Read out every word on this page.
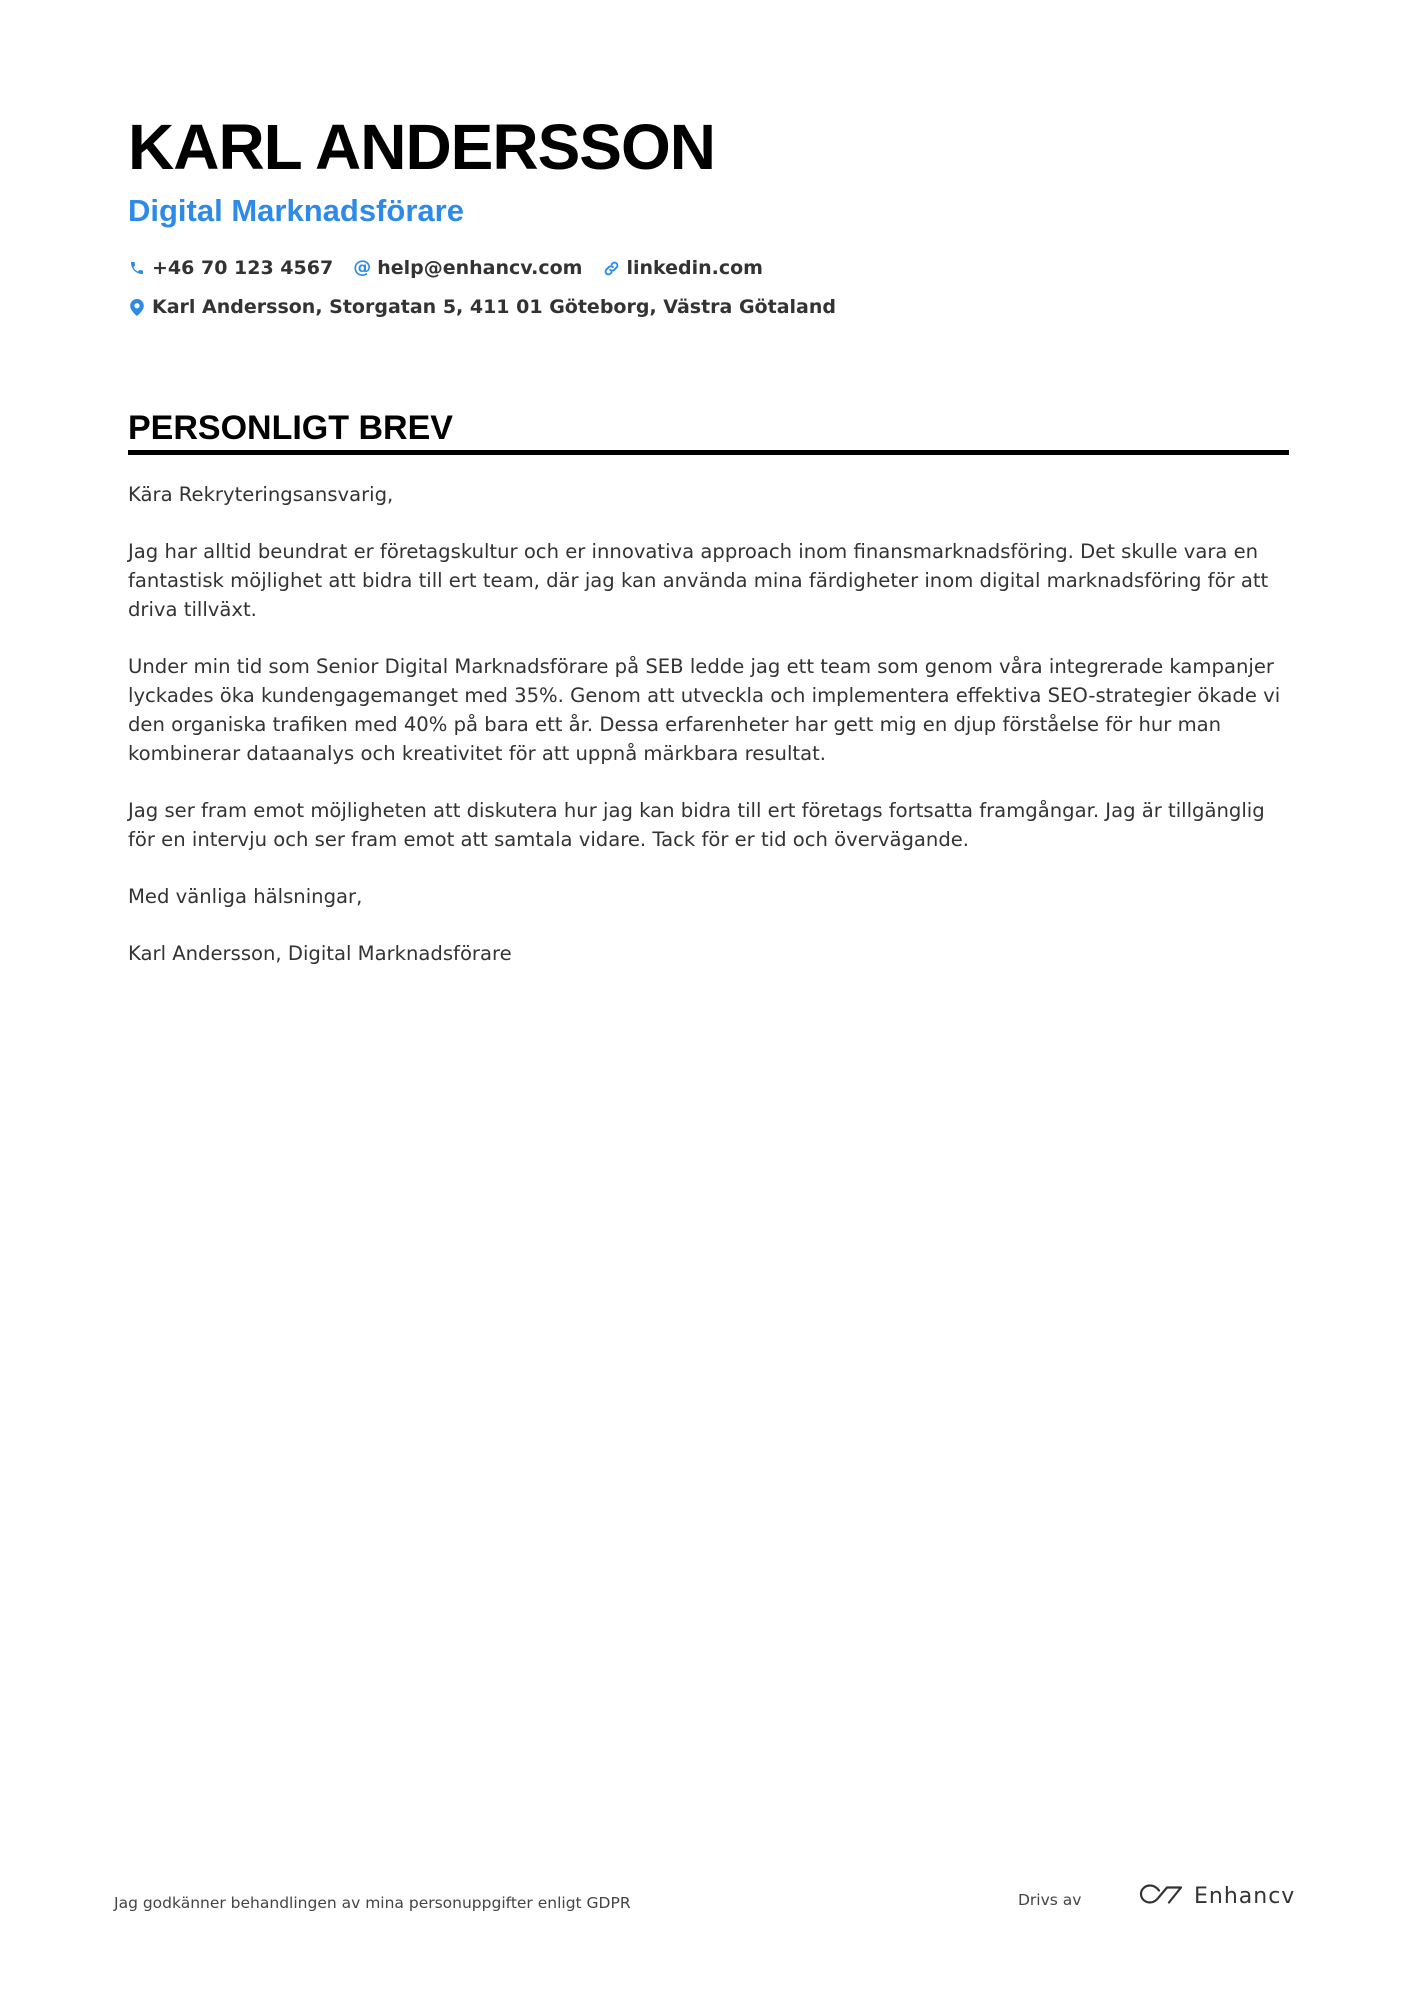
KARL ANDERSSON
Digital Marknadsförare
+46 70 123 4567 @ help@enhancv.com linkedin.com
Karl Andersson, Storgatan 5, 411 01 Göteborg, Västra Götaland
PERSONLIGT BREV

Kära Rekryteringsansvarig,

Jag har alltid beundrat er företagskultur och er innovativa approach inom finansmarknadsföring. Det skulle vara en fantastisk möjlighet att bidra till ert team, där jag kan använda mina färdigheter inom digital marknadsföring för att driva tillväxt.

Under min tid som Senior Digital Marknadsförare på SEB ledde jag ett team som genom våra integrerade kampanjer lyckades öka kundengagemanget med 35%. Genom att utveckla och implementera effektiva SEO-strategier ökade vi den organiska trafiken med 40% på bara ett år. Dessa erfarenheter har gett mig en djup förståelse för hur man kombinerar dataanalys och kreativitet för att uppnå märkbara resultat.

Jag ser fram emot möjligheten att diskutera hur jag kan bidra till ert företags fortsatta framgångar. Jag är tillgänglig för en intervju och ser fram emot att samtala vidare. Tack för er tid och övervägande.

Med vänliga hälsningar,

Karl Andersson, Digital Marknadsförare

Jag godkänner behandlingen av mina personuppgifter enligt GDPR	Drivs av	Enhancv
